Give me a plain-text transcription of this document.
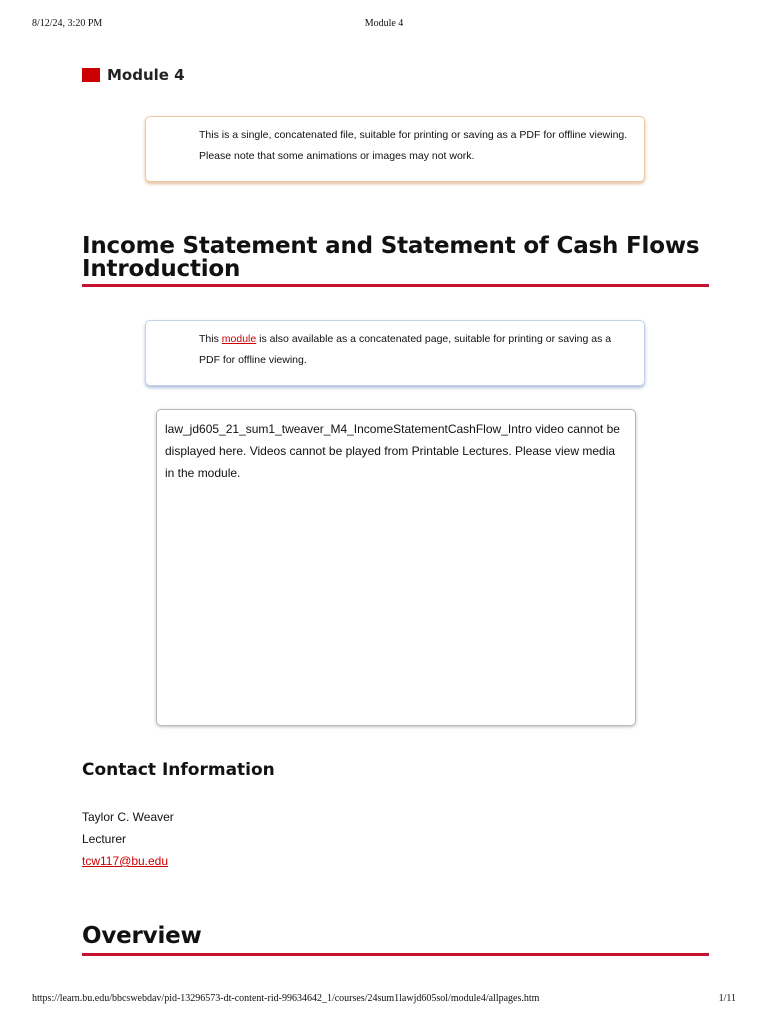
8/12/24, 3:20 PM	Module 4
Module 4
This is a single, concatenated file, suitable for printing or saving as a PDF for offline viewing.
Please note that some animations or images may not work.
Income Statement and Statement of Cash Flows
Introduction
This module is also available as a concatenated page, suitable for printing or saving as a PDF for offline viewing.
law_jd605_21_sum1_tweaver_M4_IncomeStatementCashFlow_Intro video cannot be displayed here. Videos cannot be played from Printable Lectures. Please view media in the module.
Contact Information
Taylor C. Weaver
Lecturer
tcw117@bu.edu
Overview
https://learn.bu.edu/bbcswebdav/pid-13296573-dt-content-rid-99634642_1/courses/24sum1lawjd605sol/module4/allpages.htm	1/11
